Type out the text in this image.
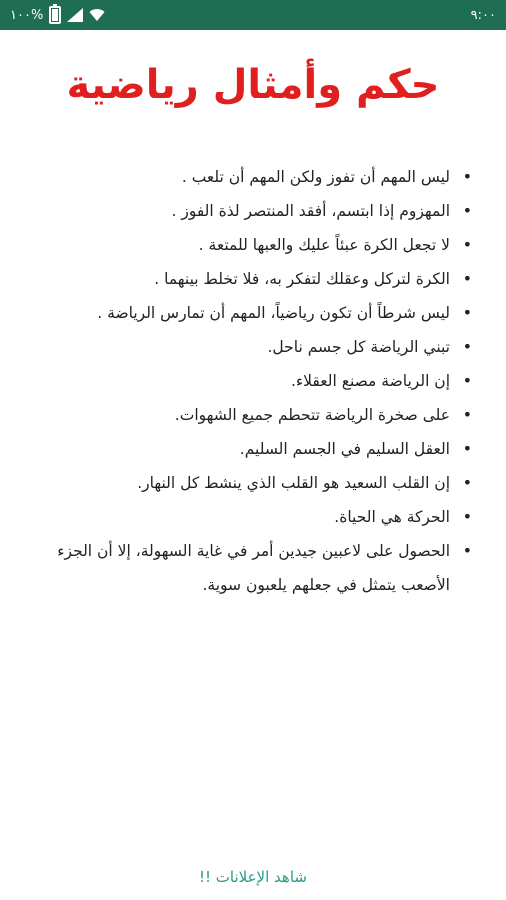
١٠٠%	٩:٠٠
حكم وأمثال رياضية
• ليس المهم أن تفوز ولكن المهم أن تلعب .
• المهزوم إذا ابتسم، أفقد المنتصر لذة الفوز .
• لا تجعل الكرة عبئاً عليك والعبها للمتعة .
• الكرة لتركل وعقلك لتفكر به، فلا تخلط بينهما .
• ليس شرطاً أن تكون رياضياً، المهم أن تمارس الرياضة .
• تبني الرياضة كل جسم ناحل.
• إن الرياضة مصنع العقلاء.
• على صخرة الرياضة تتحطم جميع الشهوات.
• العقل السليم في الجسم السليم.
• إن القلب السعيد هو القلب الذي ينشط كل النهار.
• الحركة هي الحياة.
• الحصول على لاعبين جيدين أمر في غاية السهولة، إلا أن الجزء الأصعب يتمثل في جعلهم يلعبون سوية.
شاهد الإعلانات !!
